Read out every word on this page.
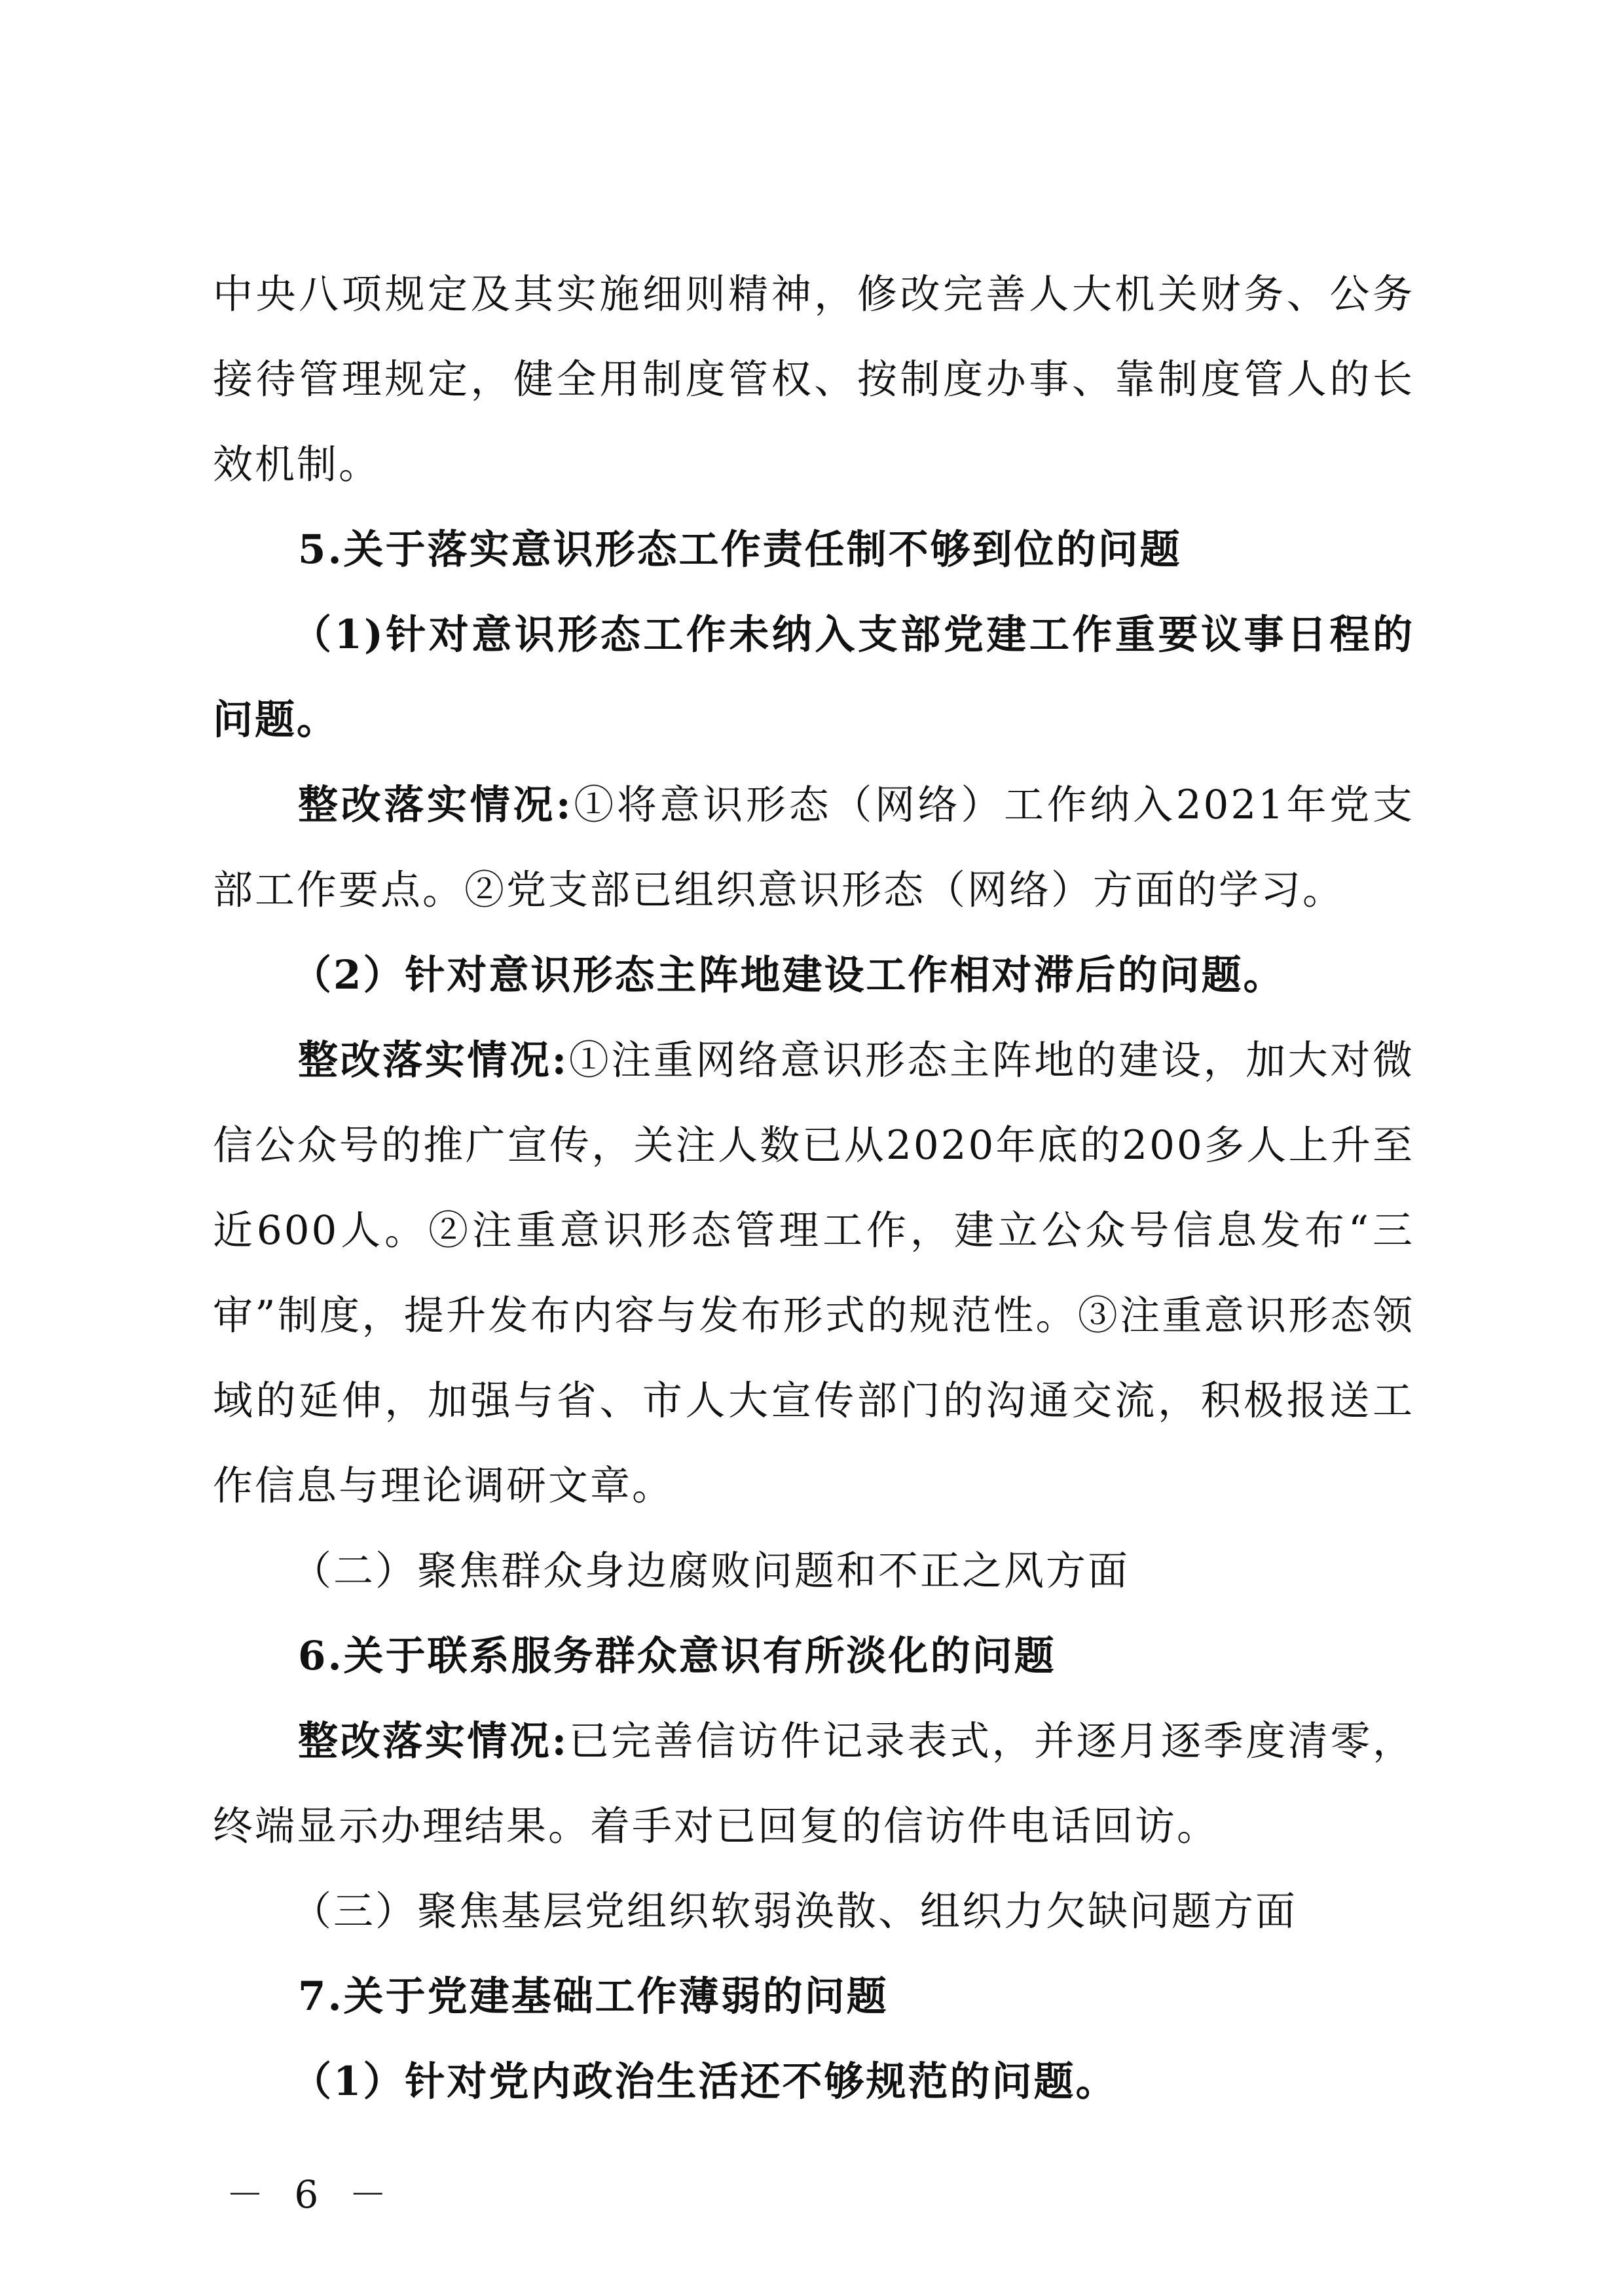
中央八项规定及其实施细则精神，修改完善人大机关财务、公务接待管理规定，健全用制度管权、按制度办事、靠制度管人的长效机制。

5.关于落实意识形态工作责任制不够到位的问题

（1)针对意识形态工作未纳入支部党建工作重要议事日程的问题。

整改落实情况:①将意识形态（网络）工作纳入2021年党支部工作要点。②党支部已组织意识形态（网络）方面的学习。

（2）针对意识形态主阵地建设工作相对滞后的问题。

整改落实情况:①注重网络意识形态主阵地的建设，加大对微信公众号的推广宣传，关注人数已从2020年底的200多人上升至近600人。②注重意识形态管理工作，建立公众号信息发布“三审”制度，提升发布内容与发布形式的规范性。③注重意识形态领域的延伸，加强与省、市人大宣传部门的沟通交流，积极报送工作信息与理论调研文章。

（二）聚焦群众身边腐败问题和不正之风方面

6.关于联系服务群众意识有所淡化的问题

整改落实情况:已完善信访件记录表式，并逐月逐季度清零，终端显示办理结果。着手对已回复的信访件电话回访。

（三）聚焦基层党组织软弱涣散、组织力欠缺问题方面

7.关于党建基础工作薄弱的问题

（1）针对党内政治生活还不够规范的问题。

－ 6 －
